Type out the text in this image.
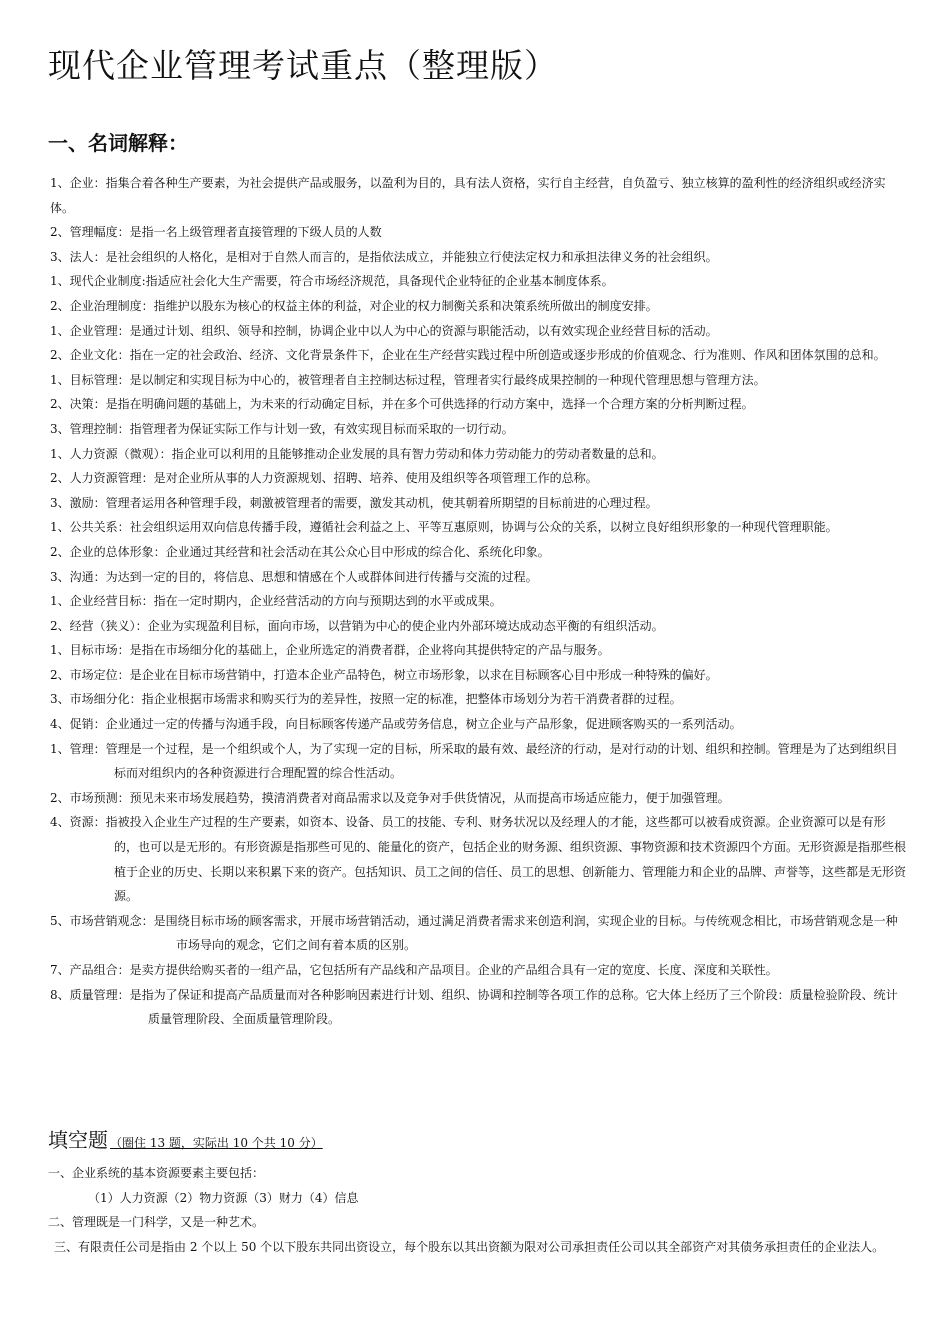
现代企业管理考试重点（整理版）
一、名词解释：
1、企业：指集合着各种生产要素，为社会提供产品或服务，以盈利为目的，具有法人资格，实行自主经营，自负盈亏、独立核算的盈利性的经济组织或经济实体。
2、管理幅度：是指一名上级管理者直接管理的下级人员的人数
3、法人：是社会组织的人格化，是相对于自然人而言的，是指依法成立，并能独立行使法定权力和承担法律义务的社会组织。
1、现代企业制度:指适应社会化大生产需要，符合市场经济规范，具备现代企业特征的企业基本制度体系。
2、企业治理制度：指维护以股东为核心的权益主体的利益，对企业的权力制衡关系和决策系统所做出的制度安排。
1、企业管理：是通过计划、组织、领导和控制，协调企业中以人为中心的资源与职能活动，以有效实现企业经营目标的活动。
2、企业文化：指在一定的社会政治、经济、文化背景条件下，企业在生产经营实践过程中所创造或逐步形成的价值观念、行为准则、作风和团体氛围的总和。
1、目标管理：是以制定和实现目标为中心的，被管理者自主控制达标过程，管理者实行最终成果控制的一种现代管理思想与管理方法。
2、决策：是指在明确问题的基础上，为未来的行动确定目标，并在多个可供选择的行动方案中，选择一个合理方案的分析判断过程。
3、管理控制：指管理者为保证实际工作与计划一致，有效实现目标而采取的一切行动。
1、人力资源（微观）：指企业可以利用的且能够推动企业发展的具有智力劳动和体力劳动能力的劳动者数量的总和。
2、人力资源管理：是对企业所从事的人力资源规划、招聘、培养、使用及组织等各项管理工作的总称。
3、激励：管理者运用各种管理手段，刺激被管理者的需要，激发其动机，使其朝着所期望的目标前进的心理过程。
1、公共关系：社会组织运用双向信息传播手段，遵循社会利益之上、平等互惠原则，协调与公众的关系，以树立良好组织形象的一种现代管理职能。
2、企业的总体形象：企业通过其经营和社会活动在其公众心目中形成的综合化、系统化印象。
3、沟通：为达到一定的目的，将信息、思想和情感在个人或群体间进行传播与交流的过程。
1、企业经营目标：指在一定时期内，企业经营活动的方向与预期达到的水平或成果。
2、经营（狭义）：企业为实现盈利目标，面向市场，以营销为中心的使企业内外部环境达成动态平衡的有组织活动。
1、目标市场：是指在市场细分化的基础上，企业所选定的消费者群，企业将向其提供特定的产品与服务。
2、市场定位：是企业在目标市场营销中，打造本企业产品特色，树立市场形象，以求在目标顾客心目中形成一种特殊的偏好。
3、市场细分化：指企业根据市场需求和购买行为的差异性，按照一定的标准，把整体市场划分为若干消费者群的过程。
4、促销：企业通过一定的传播与沟通手段，向目标顾客传递产品或劳务信息，树立企业与产品形象，促进顾客购买的一系列活动。
1、管理：管理是一个过程，是一个组织或个人，为了实现一定的目标，所采取的最有效、最经济的行动，是对行动的计划、组织和控制。管理是为了达到组织目标而对组织内的各种资源进行合理配置的综合性活动。
2、市场预测：预见未来市场发展趋势，摸清消费者对商品需求以及竞争对手供货情况，从而提高市场适应能力，便于加强管理。
4、资源：指被投入企业生产过程的生产要素，如资本、设备、员工的技能、专利、财务状况以及经理人的才能，这些都可以被看成资源。企业资源可以是有形的，也可以是无形的。有形资源是指那些可见的、能量化的资产，包括企业的财务源、组织资源、事物资源和技术资源四个方面。无形资源是指那些根植于企业的历史、长期以来积累下来的资产。包括知识、员工之间的信任、员工的思想、创新能力、管理能力和企业的品牌、声誉等，这些都是无形资源。
5、市场营销观念：是围绕目标市场的顾客需求，开展市场营销活动，通过满足消费者需求来创造利润，实现企业的目标。与传统观念相比，市场营销观念是一种市场导向的观念，它们之间有着本质的区别。
7、产品组合：是卖方提供给购买者的一组产品，它包括所有产品线和产品项目。企业的产品组合具有一定的宽度、长度、深度和关联性。
8、质量管理：是指为了保证和提高产品质量而对各种影响因素进行计划、组织、协调和控制等各项工作的总称。它大体上经历了三个阶段：质量检验阶段、统计质量管理阶段、全面质量管理阶段。
填空题 （圈住 13 题，实际出 10 个共 10 分）
一、企业系统的基本资源要素主要包括：
（1）人力资源（2）物力资源（3）财力（4）信息
二、管理既是一门科学，又是一种艺术。
三、有限责任公司是指由 2 个以上 50 个以下股东共同出资设立，每个股东以其出资额为限对公司承担责任公司以其全部资产对其债务承担责任的企业法人。
